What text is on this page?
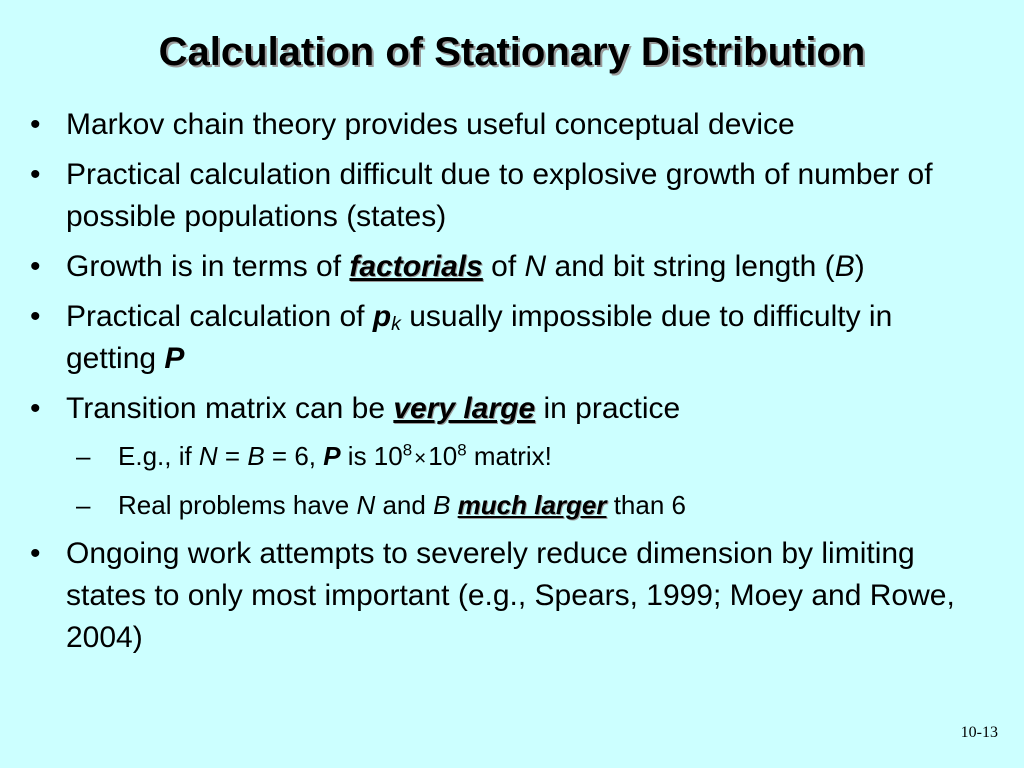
Calculation of Stationary Distribution
• Markov chain theory provides useful conceptual device
• Practical calculation difficult due to explosive growth of number of possible populations (states)
• Growth is in terms of factorials of N and bit string length (B)
• Practical calculation of $p_k$ usually impossible due to difficulty in getting P
• Transition matrix can be very large in practice
– E.g., if N = B = 6, P is $10^8\times 10^8$ matrix!
– Real problems have N and B much larger than 6
• Ongoing work attempts to severely reduce dimension by limiting states to only most important (e.g., Spears, 1999; Moey and Rowe, 2004)
10-13
